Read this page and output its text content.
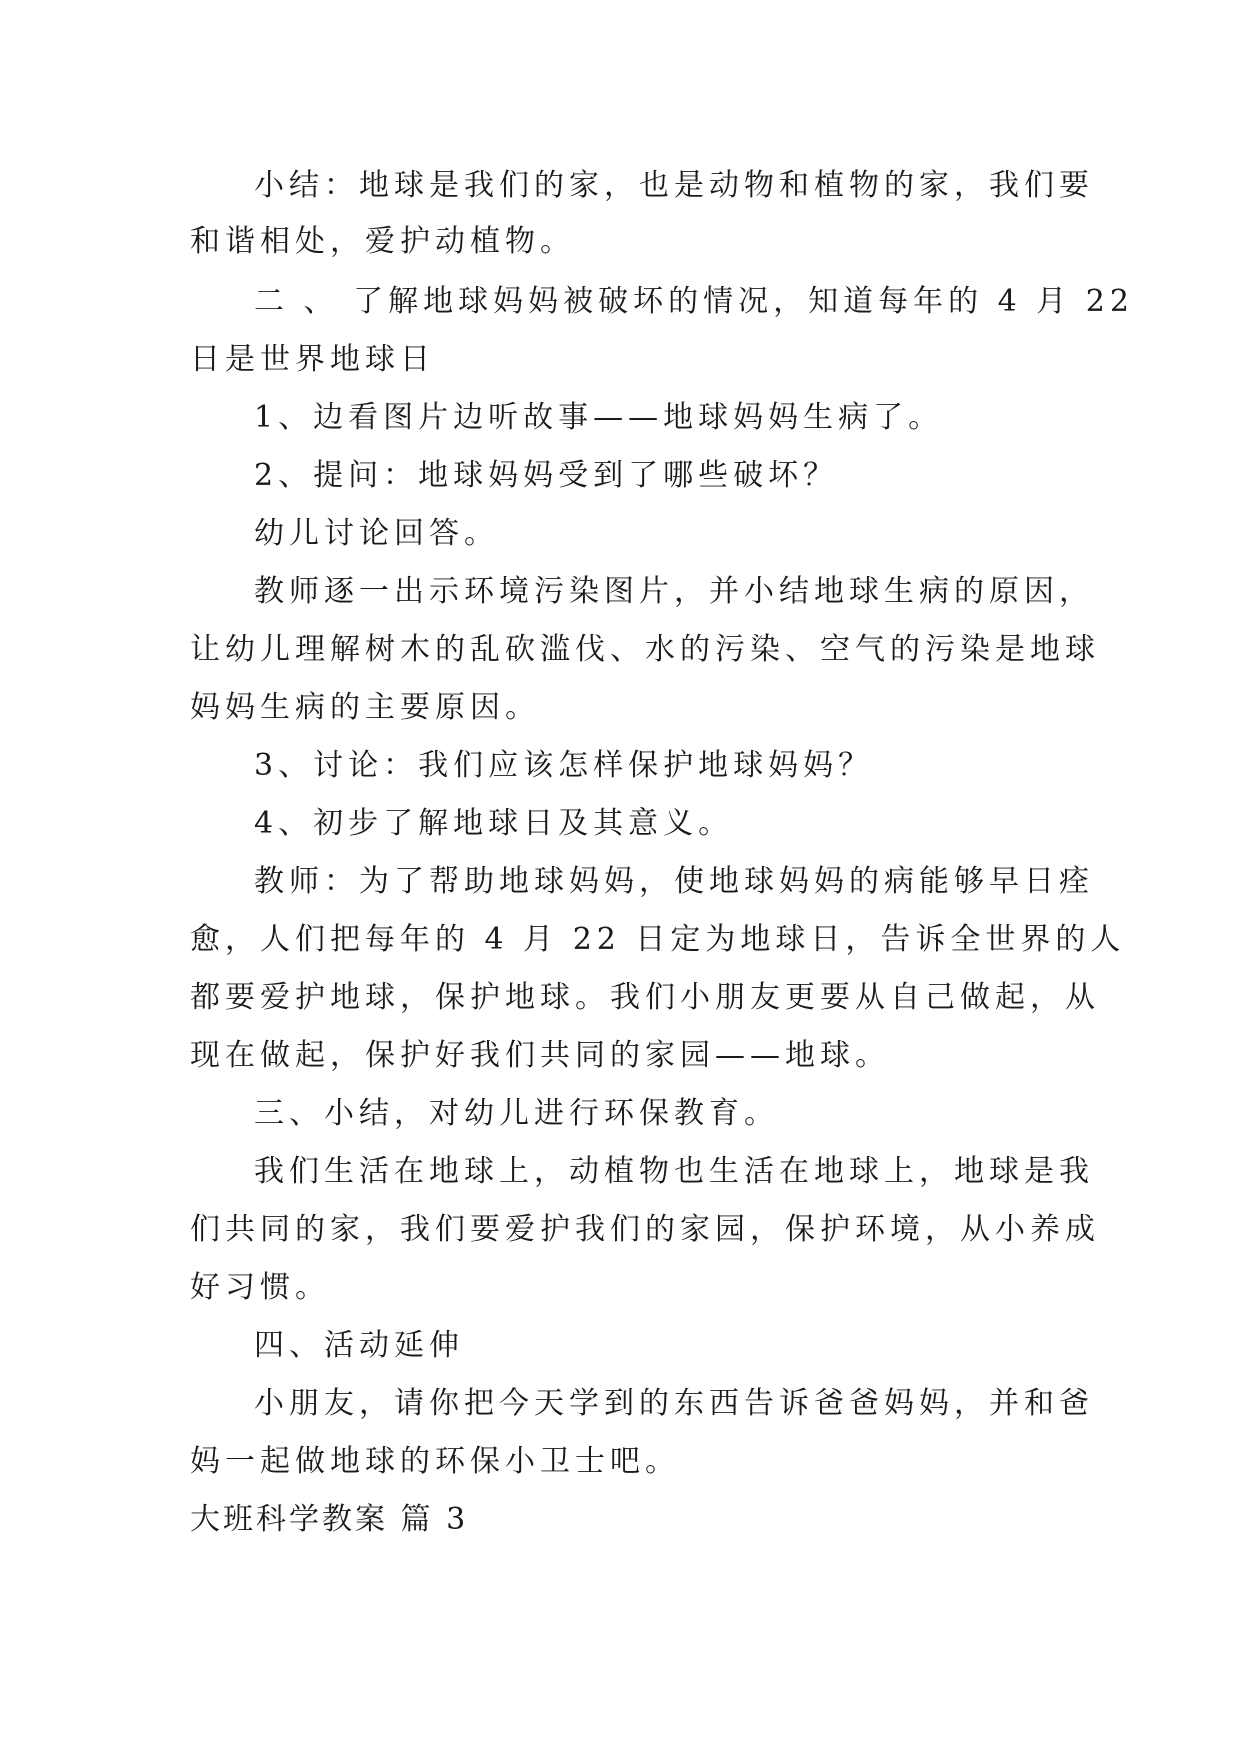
小结：地球是我们的家，也是动物和植物的家，我们要
和谐相处，爱护动植物。
二 、 了解地球妈妈被破坏的情况，知道每年的 4 月 22
日是世界地球日
1、边看图片边听故事——地球妈妈生病了。
2、提问：地球妈妈受到了哪些破坏？
幼儿讨论回答。
教师逐一出示环境污染图片，并小结地球生病的原因，
让幼儿理解树木的乱砍滥伐、水的污染、空气的污染是地球
妈妈生病的主要原因。
3、讨论：我们应该怎样保护地球妈妈？
4、初步了解地球日及其意义。
教师：为了帮助地球妈妈，使地球妈妈的病能够早日痊
愈，人们把每年的 4 月 22 日定为地球日，告诉全世界的人
都要爱护地球，保护地球。我们小朋友更要从自己做起，从
现在做起，保护好我们共同的家园——地球。
三、小结，对幼儿进行环保教育。
我们生活在地球上，动植物也生活在地球上，地球是我
们共同的家，我们要爱护我们的家园，保护环境，从小养成
好习惯。
四、活动延伸
小朋友，请你把今天学到的东西告诉爸爸妈妈，并和爸
妈一起做地球的环保小卫士吧。
大班科学教案 篇 3
